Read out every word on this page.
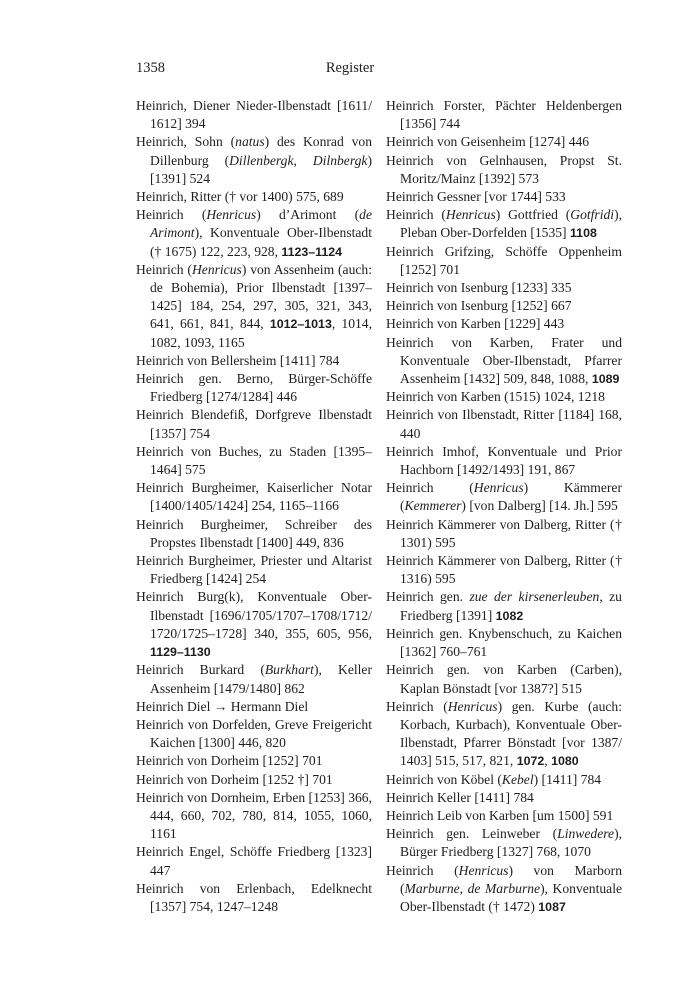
1358	Register

Heinrich, Diener Nieder-Ilbenstadt [1611/ 1612] 394

Heinrich, Sohn (natus) des Konrad von Dillenburg (Dillenbergk, Dilnbergk) [1391] 524

Heinrich, Ritter († vor 1400) 575, 689

Heinrich (Henricus) d’Arimont (de Arimont), Konventuale Ober-Ilbenstadt († 1675) 122, 223, 928, 1123–1124

Heinrich (Henricus) von Assenheim (auch: de Bohemia), Prior Ilbenstadt [1397–1425] 184, 254, 297, 305, 321, 343, 641, 661, 841, 844, 1012–1013, 1014, 1082, 1093, 1165

Heinrich von Bellersheim [1411] 784

Heinrich gen. Berno, Bürger-Schöffe Friedberg [1274/1284] 446

Heinrich Blendefiß, Dorfgreve Ilbenstadt [1357] 754

Heinrich von Buches, zu Staden [1395–1464] 575

Heinrich Burgheimer, Kaiserlicher Notar [1400/1405/1424] 254, 1165–1166

Heinrich Burgheimer, Schreiber des Propstes Ilbenstadt [1400] 449, 836

Heinrich Burgheimer, Priester und Altarist Friedberg [1424] 254

Heinrich Burg(k), Konventuale Ober-Ilbenstadt [1696/1705/1707–1708/1712/ 1720/1725–1728] 340, 355, 605, 956, 1129–1130

Heinrich Burkard (Burkhart), Keller Assenheim [1479/1480] 862

Heinrich Diel → Hermann Diel

Heinrich von Dorfelden, Greve Freigericht Kaichen [1300] 446, 820

Heinrich von Dorheim [1252] 701

Heinrich von Dorheim [1252 †] 701

Heinrich von Dornheim, Erben [1253] 366, 444, 660, 702, 780, 814, 1055, 1060, 1161

Heinrich Engel, Schöffe Friedberg [1323] 447

Heinrich von Erlenbach, Edelknecht [1357] 754, 1247–1248

Heinrich Forster, Pächter Heldenbergen [1356] 744

Heinrich von Geisenheim [1274] 446

Heinrich von Gelnhausen, Propst St. Moritz/Mainz [1392] 573

Heinrich Gessner [vor 1744] 533

Heinrich (Henricus) Gottfried (Gotfridi), Pleban Ober-Dorfelden [1535] 1108

Heinrich Grifzing, Schöffe Oppenheim [1252] 701

Heinrich von Isenburg [1233] 335

Heinrich von Isenburg [1252] 667

Heinrich von Karben [1229] 443

Heinrich von Karben, Frater und Konventuale Ober-Ilbenstadt, Pfarrer Assenheim [1432] 509, 848, 1088, 1089

Heinrich von Karben (1515) 1024, 1218

Heinrich von Ilbenstadt, Ritter [1184] 168, 440

Heinrich Imhof, Konventuale und Prior Hachborn [1492/1493] 191, 867

Heinrich (Henricus) Kämmerer (Kemmerer) [von Dalberg] [14. Jh.] 595

Heinrich Kämmerer von Dalberg, Ritter († 1301) 595

Heinrich Kämmerer von Dalberg, Ritter († 1316) 595

Heinrich gen. zue der kirsenerleuben, zu Friedberg [1391] 1082

Heinrich gen. Knybenschuch, zu Kaichen [1362] 760–761

Heinrich gen. von Karben (Carben), Kaplan Bönstadt [vor 1387?] 515

Heinrich (Henricus) gen. Kurbe (auch: Korbach, Kurbach), Konventuale Ober-Ilbenstadt, Pfarrer Bönstadt [vor 1387/ 1403] 515, 517, 821, 1072, 1080

Heinrich von Köbel (Kebel) [1411] 784

Heinrich Keller [1411] 784

Heinrich Leib von Karben [um 1500] 591

Heinrich gen. Leinweber (Linwedere), Bürger Friedberg [1327] 768, 1070

Heinrich (Henricus) von Marborn (Marburne, de Marburne), Konventuale Ober-Ilbenstadt († 1472) 1087
